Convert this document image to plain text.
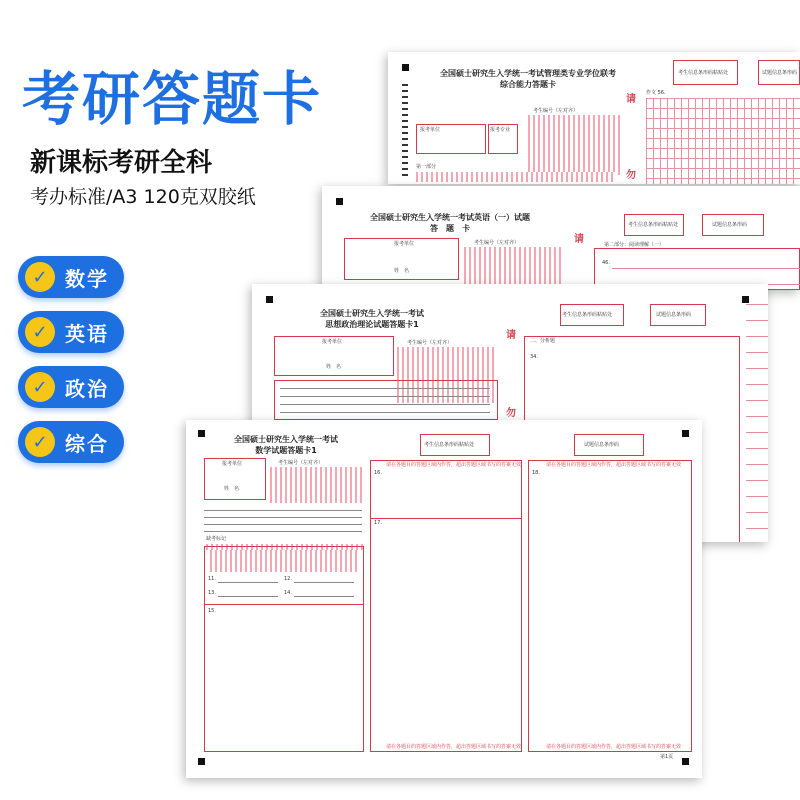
考研答题卡
新课标考研全科
考办标准/A3 120克双胶纸
✓ 数学
✓ 英语
✓ 政治
✓ 综合
全国硕士研究生入学统一考试管理类专业学位联考
综合能力答题卡
报考单位	报考专业
考生编号（左对齐）
第一部分
请
勿
考生信息条形码粘贴处	试题信息条形码
作文 56.
全国硕士研究生入学统一考试英语（一）试题
答　题　卡
报考单位
姓　名
考生编号（左对齐）	请
考生信息条形码粘贴处	试题信息条形码
第二部分：阅读理解（一）
46.
全国硕士研究生入学统一考试
思想政治理论试题答题卡1
报考单位
姓　名
考生编号（左对齐）
请
勿
考生信息条形码粘贴处	试题信息条形码
二、分析题
34.
全国硕士研究生入学统一考试
数学试题答题卡1
报考单位
姓　名
考生编号（左对齐）
缺考标记
11.	12.
13.	14.
15.
请在各题目的答题区域内作答，超出答题区域书写的答案无效
16.
17.
请在各题目的答题区域内作答，超出答题区域书写的答案无效
请在各题目的答题区域内作答，超出答题区域书写的答案无效
18.
请在各题目的答题区域内作答，超出答题区域书写的答案无效
考生信息条形码粘贴处	试题信息条形码
第1页
